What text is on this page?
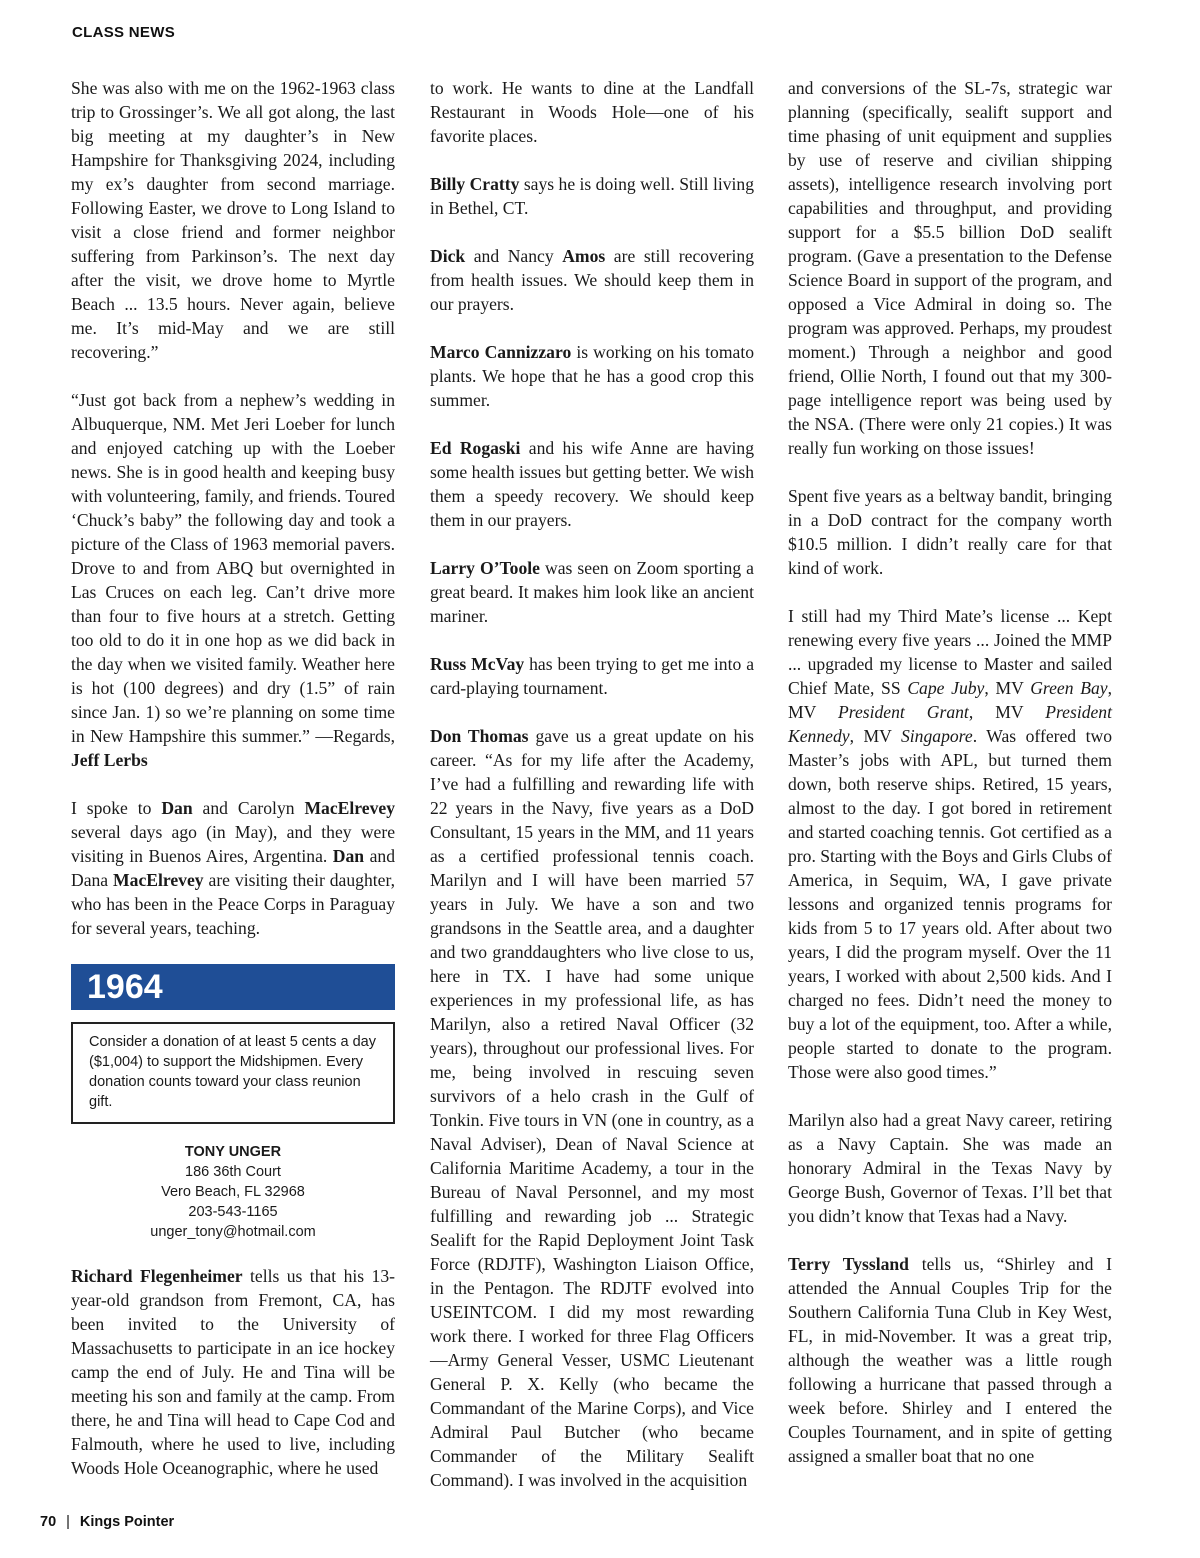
CLASS NEWS

She was also with me on the 1962-1963 class trip to Grossinger’s. We all got along, the last big meeting at my daughter’s in New Hampshire for Thanksgiving 2024, including my ex’s daughter from second marriage. Following Easter, we drove to Long Island to visit a close friend and former neighbor suffering from Parkinson’s. The next day after the visit, we drove home to Myrtle Beach ... 13.5 hours. Never again, believe me. It’s mid-May and we are still recovering.”

“Just got back from a nephew’s wedding in Albuquerque, NM. Met Jeri Loeber for lunch and enjoyed catching up with the Loeber news. She is in good health and keeping busy with volunteering, family, and friends. Toured ‘Chuck’s baby” the following day and took a picture of the Class of 1963 memorial pavers. Drove to and from ABQ but overnighted in Las Cruces on each leg. Can’t drive more than four to five hours at a stretch. Getting too old to do it in one hop as we did back in the day when we visited family. Weather here is hot (100 degrees) and dry (1.5” of rain since Jan. 1) so we’re planning on some time in New Hampshire this summer.” —Regards, Jeff Lerbs

I spoke to Dan and Carolyn MacElrevey several days ago (in May), and they were visiting in Buenos Aires, Argentina. Dan and Dana MacElrevey are visiting their daughter, who has been in the Peace Corps in Paraguay for several years, teaching.

1964
Consider a donation of at least 5 cents a day ($1,004) to support the Midshipmen. Every donation counts toward your class reunion gift.
TONY UNGER
186 36th Court
Vero Beach, FL 32968
203-543-1165
unger_tony@hotmail.com

Richard Flegenheimer tells us that his 13-year-old grandson from Fremont, CA, has been invited to the University of Massachusetts to participate in an ice hockey camp the end of July. He and Tina will be meeting his son and family at the camp. From there, he and Tina will head to Cape Cod and Falmouth, where he used to live, including Woods Hole Oceanographic, where he used

to work. He wants to dine at the Landfall Restaurant in Woods Hole—one of his favorite places.

Billy Cratty says he is doing well. Still living in Bethel, CT.

Dick and Nancy Amos are still recovering from health issues. We should keep them in our prayers.

Marco Cannizzaro is working on his tomato plants. We hope that he has a good crop this summer.

Ed Rogaski and his wife Anne are having some health issues but getting better. We wish them a speedy recovery. We should keep them in our prayers.

Larry O’Toole was seen on Zoom sporting a great beard. It makes him look like an ancient mariner.

Russ McVay has been trying to get me into a card-playing tournament.

Don Thomas gave us a great update on his career. “As for my life after the Academy, I’ve had a fulfilling and rewarding life with 22 years in the Navy, five years as a DoD Consultant, 15 years in the MM, and 11 years as a certified professional tennis coach. Marilyn and I will have been married 57 years in July. We have a son and two grandsons in the Seattle area, and a daughter and two granddaughters who live close to us, here in TX. I have had some unique experiences in my professional life, as has Marilyn, also a retired Naval Officer (32 years), throughout our professional lives. For me, being involved in rescuing seven survivors of a helo crash in the Gulf of Tonkin. Five tours in VN (one in country, as a Naval Adviser), Dean of Naval Science at California Maritime Academy, a tour in the Bureau of Naval Personnel, and my most fulfilling and rewarding job ... Strategic Sealift for the Rapid Deployment Joint Task Force (RDJTF), Washington Liaison Office, in the Pentagon. The RDJTF evolved into USEINTCOM. I did my most rewarding work there. I worked for three Flag Officers—Army General Vesser, USMC Lieutenant General P. X. Kelly (who became the Commandant of the Marine Corps), and Vice Admiral Paul Butcher (who became Commander of the Military Sealift Command). I was involved in the acquisition

and conversions of the SL-7s, strategic war planning (specifically, sealift support and time phasing of unit equipment and supplies by use of reserve and civilian shipping assets), intelligence research involving port capabilities and throughput, and providing support for a $5.5 billion DoD sealift program. (Gave a presentation to the Defense Science Board in support of the program, and opposed a Vice Admiral in doing so. The program was approved. Perhaps, my proudest moment.) Through a neighbor and good friend, Ollie North, I found out that my 300-page intelligence report was being used by the NSA. (There were only 21 copies.) It was really fun working on those issues!

Spent five years as a beltway bandit, bringing in a DoD contract for the company worth $10.5 million. I didn’t really care for that kind of work.

I still had my Third Mate’s license ... Kept renewing every five years ... Joined the MMP ... upgraded my license to Master and sailed Chief Mate, SS Cape Juby, MV Green Bay, MV President Grant, MV President Kennedy, MV Singapore. Was offered two Master’s jobs with APL, but turned them down, both reserve ships. Retired, 15 years, almost to the day. I got bored in retirement and started coaching tennis. Got certified as a pro. Starting with the Boys and Girls Clubs of America, in Sequim, WA, I gave private lessons and organized tennis programs for kids from 5 to 17 years old. After about two years, I did the program myself. Over the 11 years, I worked with about 2,500 kids. And I charged no fees. Didn’t need the money to buy a lot of the equipment, too. After a while, people started to donate to the program. Those were also good times.”

Marilyn also had a great Navy career, retiring as a Navy Captain. She was made an honorary Admiral in the Texas Navy by George Bush, Governor of Texas. I’ll bet that you didn’t know that Texas had a Navy.

Terry Tyssland tells us, “Shirley and I attended the Annual Couples Trip for the Southern California Tuna Club in Key West, FL, in mid-November. It was a great trip, although the weather was a little rough following a hurricane that passed through a week before. Shirley and I entered the Couples Tournament, and in spite of getting assigned a smaller boat that no one

70 | Kings Pointer
